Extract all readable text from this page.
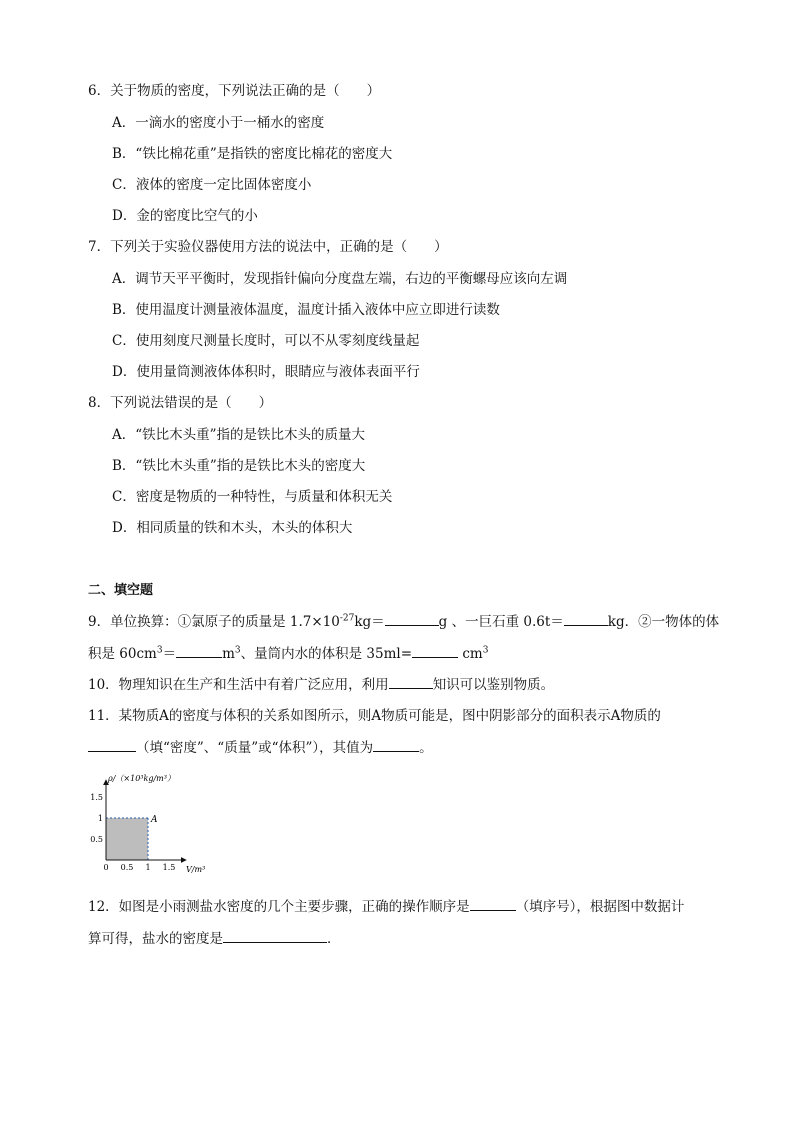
6．关于物质的密度，下列说法正确的是（　　）
A．一滴水的密度小于一桶水的密度
B．“铁比棉花重”是指铁的密度比棉花的密度大
C．液体的密度一定比固体密度小
D．金的密度比空气的小
7．下列关于实验仪器使用方法的说法中，正确的是（　　）
A．调节天平平衡时，发现指针偏向分度盘左端，右边的平衡螺母应该向左调
B．使用温度计测量液体温度，温度计插入液体中应立即进行读数
C．使用刻度尺测量长度时，可以不从零刻度线量起
D．使用量筒测液体体积时，眼睛应与液体表面平行
8．下列说法错误的是（　　）
A．“铁比木头重”指的是铁比木头的质量大
B．“铁比木头重”指的是铁比木头的密度大
C．密度是物质的一种特性，与质量和体积无关
D．相同质量的铁和木头，木头的体积大
二、填空题
9．单位换算：①氯原子的质量是 $1.7\times 10^{-27}kg=$	g 、一巨石重 0.6t＝	kg．②一物体的体
积是 $60cm^3=$	$m^3$、量筒内水的体积是 35ml=	$cm^3$
10．物理知识在生产和生活中有着广泛应用，利用	知识可以鉴别物质。
11．某物质A的密度与体积的关系如图所示，则A物质可能是，图中阴影部分的面积表示A物质的
（填“密度”、“质量”或“体积”），其值为	。
0 0.5 1 1.5
0.5
1
1.5
ρ/（×10³kg/m³）
V/m³
A
12．如图是小雨测盐水密度的几个主要步骤，正确的操作顺序是	（填序号），根据图中数据计
算可得，盐水的密度是	．
